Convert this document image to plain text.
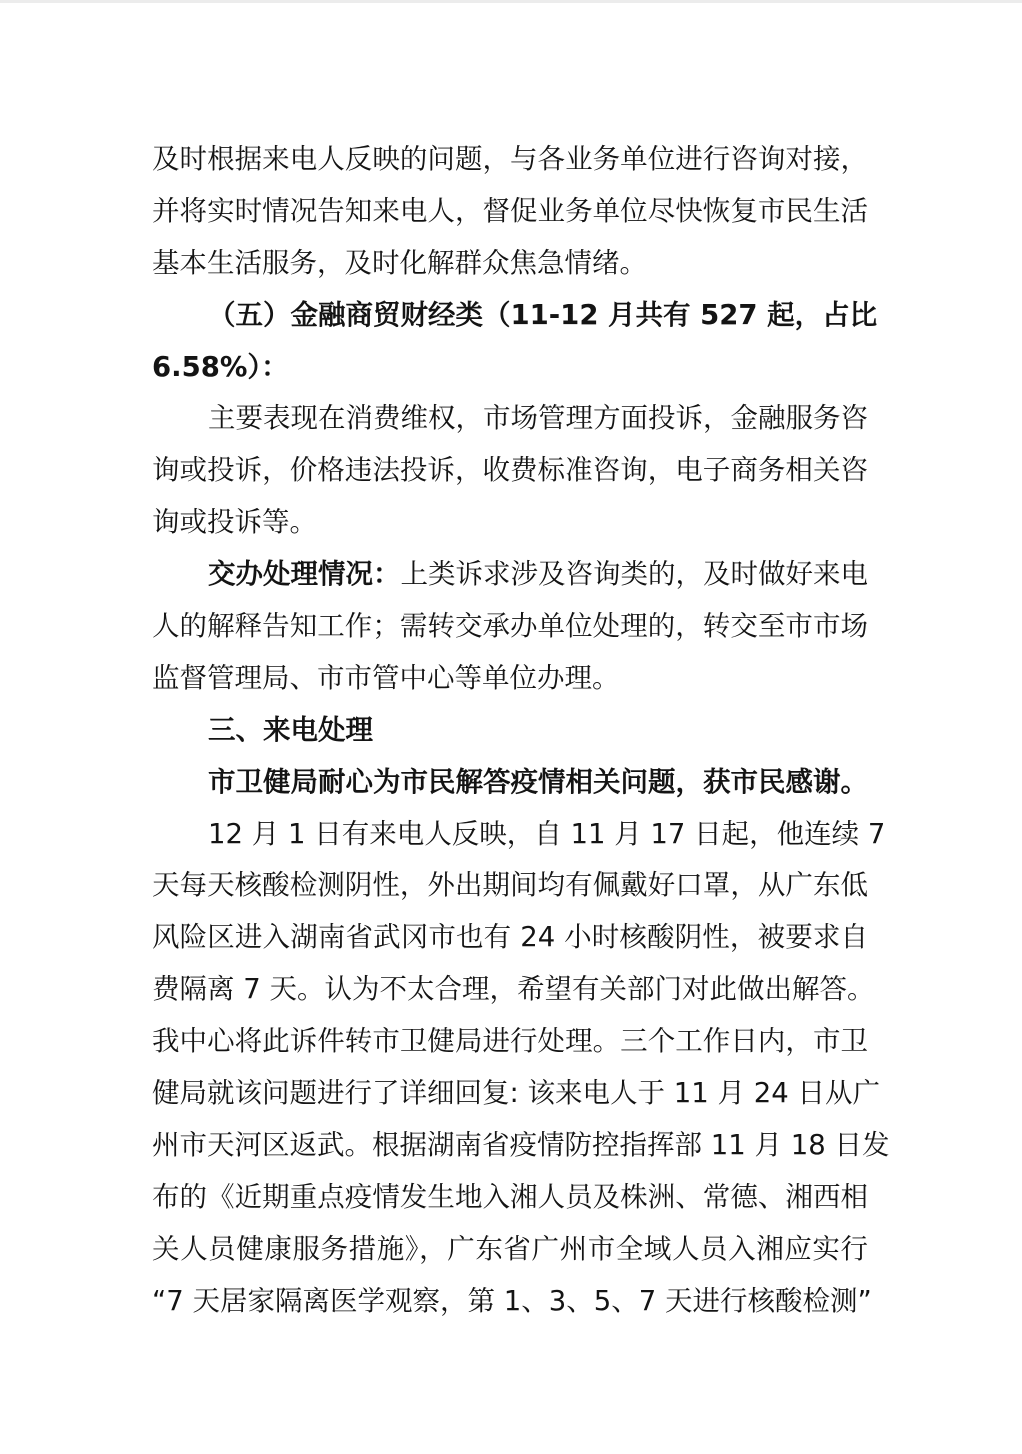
及时根据来电人反映的问题，与各业务单位进行咨询对接，
并将实时情况告知来电人，督促业务单位尽快恢复市民生活
基本生活服务，及时化解群众焦急情绪。
（五）金融商贸财经类（11-12 月共有 527 起，占比
6.58%）：
主要表现在消费维权，市场管理方面投诉，金融服务咨
询或投诉，价格违法投诉，收费标准咨询，电子商务相关咨
询或投诉等。
交办处理情况：上类诉求涉及咨询类的，及时做好来电
人的解释告知工作；需转交承办单位处理的，转交至市市场
监督管理局、市市管中心等单位办理。
三、来电处理
市卫健局耐心为市民解答疫情相关问题，获市民感谢。
12 月 1 日有来电人反映，自 11 月 17 日起，他连续 7
天每天核酸检测阴性，外出期间均有佩戴好口罩，从广东低
风险区进入湖南省武冈市也有 24 小时核酸阴性，被要求自
费隔离 7 天。认为不太合理，希望有关部门对此做出解答。
我中心将此诉件转市卫健局进行处理。三个工作日内，市卫
健局就该问题进行了详细回复: 该来电人于 11 月 24 日从广
州市天河区返武。根据湖南省疫情防控指挥部 11 月 18 日发
布的《近期重点疫情发生地入湘人员及株洲、常德、湘西相
关人员健康服务措施》，广东省广州市全域人员入湘应实行
“7 天居家隔离医学观察，第 1、3、5、7 天进行核酸检测”
